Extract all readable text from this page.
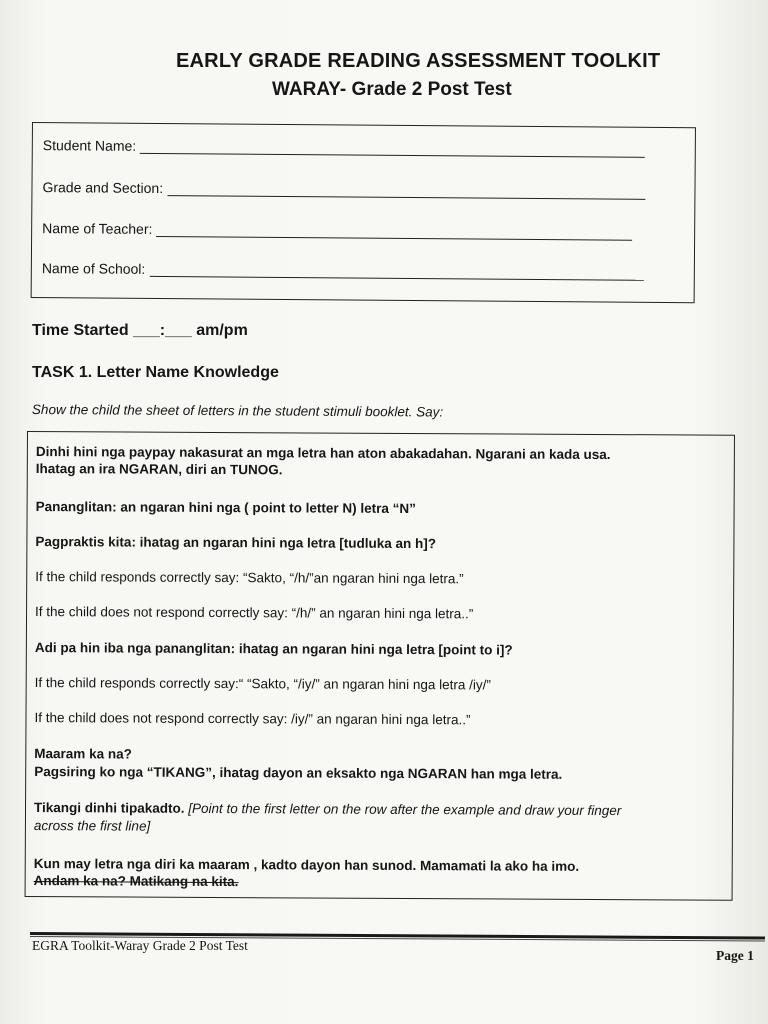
EARLY GRADE READING ASSESSMENT TOOLKIT
WARAY- Grade 2 Post Test
Student Name:
Grade and Section:
Name of Teacher:
Name of School:
Time Started ___:___ am/pm
TASK 1. Letter Name Knowledge
Show the child the sheet of letters in the student stimuli booklet. Say:
Dinhi hini nga paypay nakasurat an mga letra han aton abakadahan. Ngarani an kada usa.
Ihatag an ira NGARAN, diri an TUNOG.
Pananglitan: an ngaran hini nga ( point to letter N) letra “N”
Pagpraktis kita: ihatag an ngaran hini nga letra [tudluka an h]?
If the child responds correctly say: “Sakto, “/h/”an ngaran hini nga letra.”
If the child does not respond correctly say: “/h/” an ngaran hini nga letra..”
Adi pa hin iba nga pananglitan: ihatag an ngaran hini nga letra [point to i]?
If the child responds correctly say:“ “Sakto, “/iy/” an ngaran hini nga letra /iy/”
If the child does not respond correctly say: /iy/” an ngaran hini nga letra..”
Maaram ka na?
Pagsiring ko nga “TIKANG”, ihatag dayon an eksakto nga NGARAN han mga letra.
Tikangi dinhi tipakadto. [Point to the first letter on the row after the example and draw your finger
across the first line]
Kun may letra nga diri ka maaram , kadto dayon han sunod. Mamamati la ako ha imo.
Andam ka na? Matikang na kita.
EGRA Toolkit-Waray Grade 2 Post Test
Page 1
